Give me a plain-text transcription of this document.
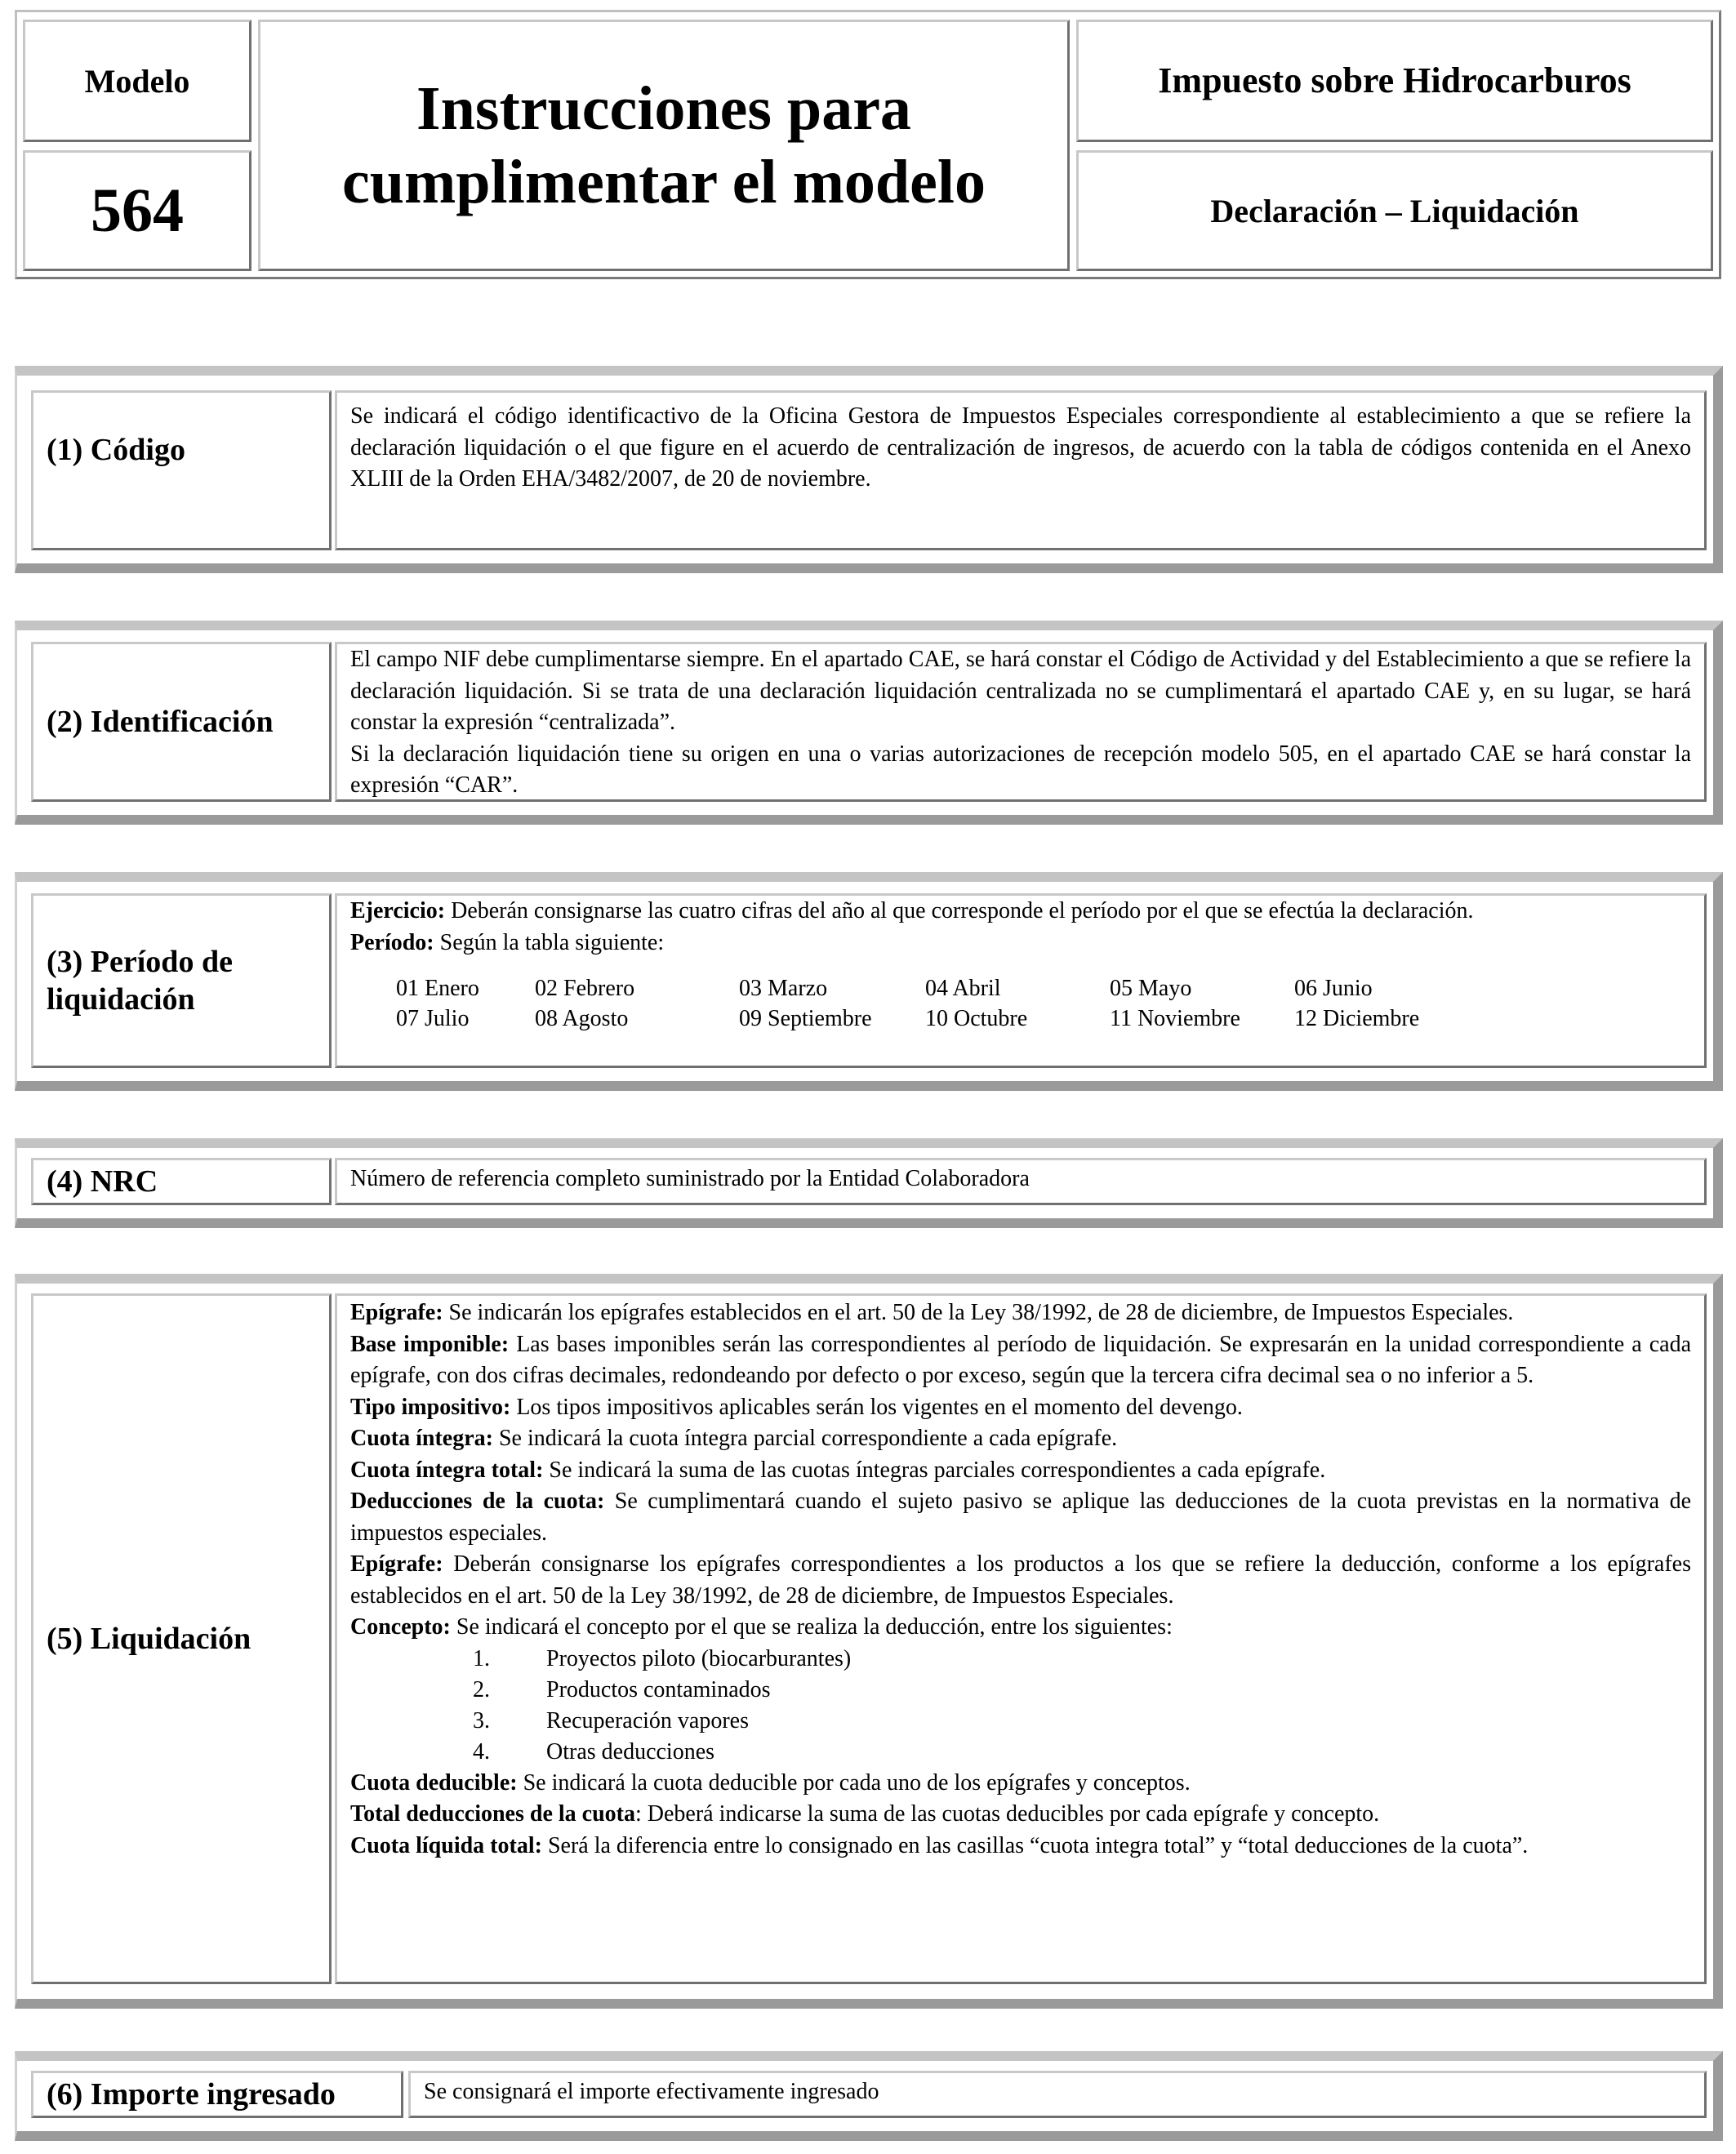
Modelo
564
Instrucciones para
cumplimentar el modelo
Impuesto sobre Hidrocarburos
Declaración – Liquidación
(1) Código
Se indicará el código identificactivo de la Oficina Gestora de Impuestos Especiales correspondiente al establecimiento a que se refiere la declaración liquidación o el que figure en el acuerdo de centralización de ingresos, de acuerdo con la tabla de códigos contenida en el Anexo XLIII de la Orden EHA/3482/2007, de 20 de noviembre.
(2) Identificación

El campo NIF debe cumplimentarse siempre. En el apartado CAE, se hará constar el Código de Actividad y del Establecimiento a que se refiere la declaración liquidación. Si se trata de una declaración liquidación centralizada no se cumplimentará el apartado CAE y, en su lugar, se hará constar la expresión “centralizada”.

Si la declaración liquidación tiene su origen en una o varias autorizaciones de recepción modelo 505, en el apartado CAE se hará constar la expresión “CAR”.

(3) Período de
liquidación

Ejercicio: Deberán consignarse las cuatro cifras del año al que corresponde el período por el que se efectúa la declaración.

Período: Según la tabla siguiente:

01 Enero	02 Febrero	03 Marzo	04 Abril	05 Mayo	06 Junio
07 Julio	08 Agosto	09 Septiembre	10 Octubre	11 Noviembre	12 Diciembre
(4) NRC	Número de referencia completo suministrado por la Entidad Colaboradora
(5) Liquidación

Epígrafe: Se indicarán los epígrafes establecidos en el art. 50 de la Ley 38/1992, de 28 de diciembre, de Impuestos Especiales.

Base imponible: Las bases imponibles serán las correspondientes al período de liquidación. Se expresarán en la unidad correspondiente a cada epígrafe, con dos cifras decimales, redondeando por defecto o por exceso, según que la tercera cifra decimal sea o no inferior a 5.

Tipo impositivo: Los tipos impositivos aplicables serán los vigentes en el momento del devengo.

Cuota íntegra: Se indicará la cuota íntegra parcial correspondiente a cada epígrafe.

Cuota íntegra total: Se indicará la suma de las cuotas íntegras parciales correspondientes a cada epígrafe.

Deducciones de la cuota: Se cumplimentará cuando el sujeto pasivo se aplique las deducciones de la cuota previstas en la normativa de impuestos especiales.

Epígrafe: Deberán consignarse los epígrafes correspondientes a los productos a los que se refiere la deducción, conforme a los epígrafes establecidos en el art. 50 de la Ley 38/1992, de 28 de diciembre, de Impuestos Especiales.

Concepto: Se indicará el concepto por el que se realiza la deducción, entre los siguientes:

1.	Proyectos piloto (biocarburantes)
2.	Productos contaminados
3.	Recuperación vapores
4.	Otras deducciones

Cuota deducible: Se indicará la cuota deducible por cada uno de los epígrafes y conceptos.

Total deducciones de la cuota: Deberá indicarse la suma de las cuotas deducibles por cada epígrafe y concepto.

Cuota líquida total: Será la diferencia entre lo consignado en las casillas “cuota integra total” y “total deducciones de la cuota”.

(6) Importe ingresado	Se consignará el importe efectivamente ingresado
